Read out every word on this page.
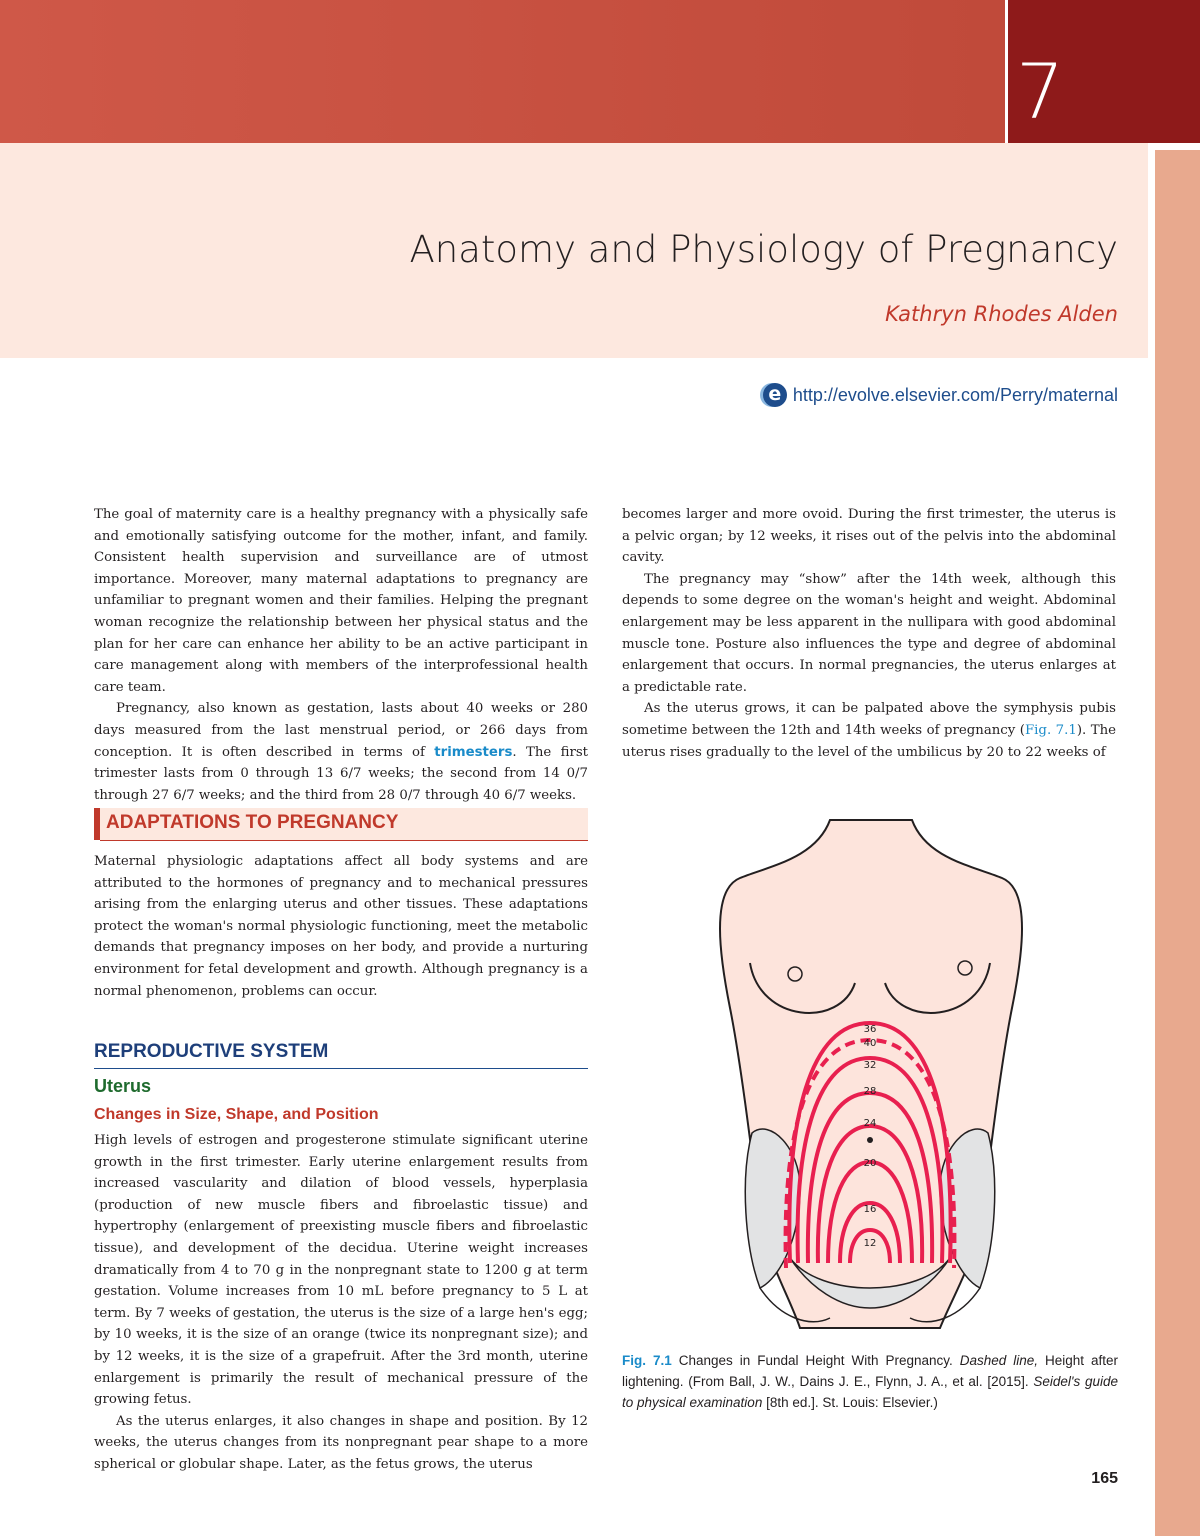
7
Anatomy and Physiology of Pregnancy
Kathryn Rhodes Alden
e http://evolve.elsevier.com/Perry/maternal

The goal of maternity care is a healthy pregnancy with a physically safe and emotionally satisfying outcome for the mother, infant, and family. Consistent health supervision and surveillance are of utmost importance. Moreover, many maternal adaptations to pregnancy are unfamiliar to pregnant women and their families. Helping the pregnant woman recognize the relationship between her physical status and the plan for her care can enhance her ability to be an active participant in care management along with members of the interprofessional health care team.

Pregnancy, also known as gestation, lasts about 40 weeks or 280 days measured from the last menstrual period, or 266 days from conception. It is often described in terms of trimesters. The first trimester lasts from 0 through 13 6/7 weeks; the second from 14 0/7 through 27 6/7 weeks; and the third from 28 0/7 through 40 6/7 weeks.

ADAPTATIONS TO PREGNANCY

Maternal physiologic adaptations affect all body systems and are attributed to the hormones of pregnancy and to mechanical pressures arising from the enlarging uterus and other tissues. These adaptations protect the woman's normal physiologic functioning, meet the metabolic demands that pregnancy imposes on her body, and provide a nurturing environment for fetal development and growth. Although pregnancy is a normal phenomenon, problems can occur.

REPRODUCTIVE SYSTEM
Uterus
Changes in Size, Shape, and Position

High levels of estrogen and progesterone stimulate significant uterine growth in the first trimester. Early uterine enlargement results from increased vascularity and dilation of blood vessels, hyperplasia (production of new muscle fibers and fibroelastic tissue) and hypertrophy (enlargement of preexisting muscle fibers and fibroelastic tissue), and development of the decidua. Uterine weight increases dramatically from 4 to 70 g in the nonpregnant state to 1200 g at term gestation. Volume increases from 10 mL before pregnancy to 5 L at term. By 7 weeks of gestation, the uterus is the size of a large hen's egg; by 10 weeks, it is the size of an orange (twice its nonpregnant size); and by 12 weeks, it is the size of a grapefruit. After the 3rd month, uterine enlargement is primarily the result of mechanical pressure of the growing fetus.

As the uterus enlarges, it also changes in shape and position. By 12 weeks, the uterus changes from its nonpregnant pear shape to a more spherical or globular shape. Later, as the fetus grows, the uterus

becomes larger and more ovoid. During the first trimester, the uterus is a pelvic organ; by 12 weeks, it rises out of the pelvis into the abdominal cavity.

The pregnancy may “show” after the 14th week, although this depends to some degree on the woman's height and weight. Abdominal enlargement may be less apparent in the nullipara with good abdominal muscle tone. Posture also influences the type and degree of abdominal enlargement that occurs. In normal pregnancies, the uterus enlarges at a predictable rate.

As the uterus grows, it can be palpated above the symphysis pubis sometime between the 12th and 14th weeks of pregnancy (Fig. 7.1). The uterus rises gradually to the level of the umbilicus by 20 to 22 weeks of

36
40
32
28
24
20
16
12
Fig. 7.1 Changes in Fundal Height With Pregnancy. Dashed line, Height after lightening. (From Ball, J. W., Dains J. E., Flynn, J. A., et al. [2015]. Seidel's guide to physical examination [8th ed.]. St. Louis: Elsevier.)
165
